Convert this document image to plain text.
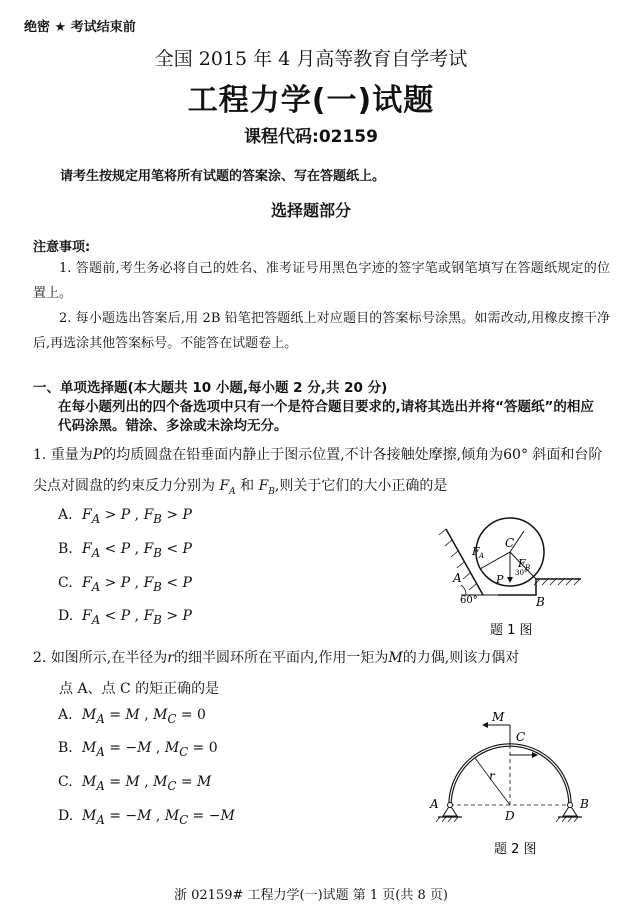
绝密 ★ 考试结束前
全国 2015 年 4 月高等教育自学考试
工程力学(一)试题
课程代码:02159
请考生按规定用笔将所有试题的答案涂、写在答题纸上。
选择题部分
注意事项:
1. 答题前,考生务必将自己的姓名、准考证号用黑色字迹的签字笔或钢笔填写在答题纸规定的位置上。
2. 每小题选出答案后,用 2B 铅笔把答题纸上对应题目的答案标号涂黑。如需改动,用橡皮擦干净后,再选涂其他答案标号。不能答在试题卷上。
一、单项选择题(本大题共 10 小题,每小题 2 分,共 20 分)
在每小题列出的四个备选项中只有一个是符合题目要求的,请将其选出并将“答题纸”的相应代码涂黑。错涂、多涂或未涂均无分。
1. 重量为P的均质圆盘在铅垂面内静止于图示位置,不计各接触处摩擦,倾角为60° 斜面和台阶尖点对圆盘的约束反力分别为 $F_A$ 和 $F_B$,则关于它们的大小正确的是
A. $F_A > P$ , $F_B > P$
B. $F_A < P$ , $F_B < P$
C. $F_A > P$ , $F_B < P$
D. $F_A < P$ , $F_B > P$
C
F A
F B
P 30°
A
B
60°
题 1 图
2. 如图所示,在半径为r的细半圆环所在平面内,作用一矩为M的力偶,则该力偶对
点 A、点 C 的矩正确的是
A. $M_A = M$ , $M_C = 0$
B. $M_A = -M$ , $M_C = 0$
C. $M_A = M$ , $M_C = M$
D. $M_A = -M$ , $M_C = -M$
M
C
r
A	B
D
题 2 图
浙 02159# 工程力学(一)试题 第 1 页(共 8 页)
